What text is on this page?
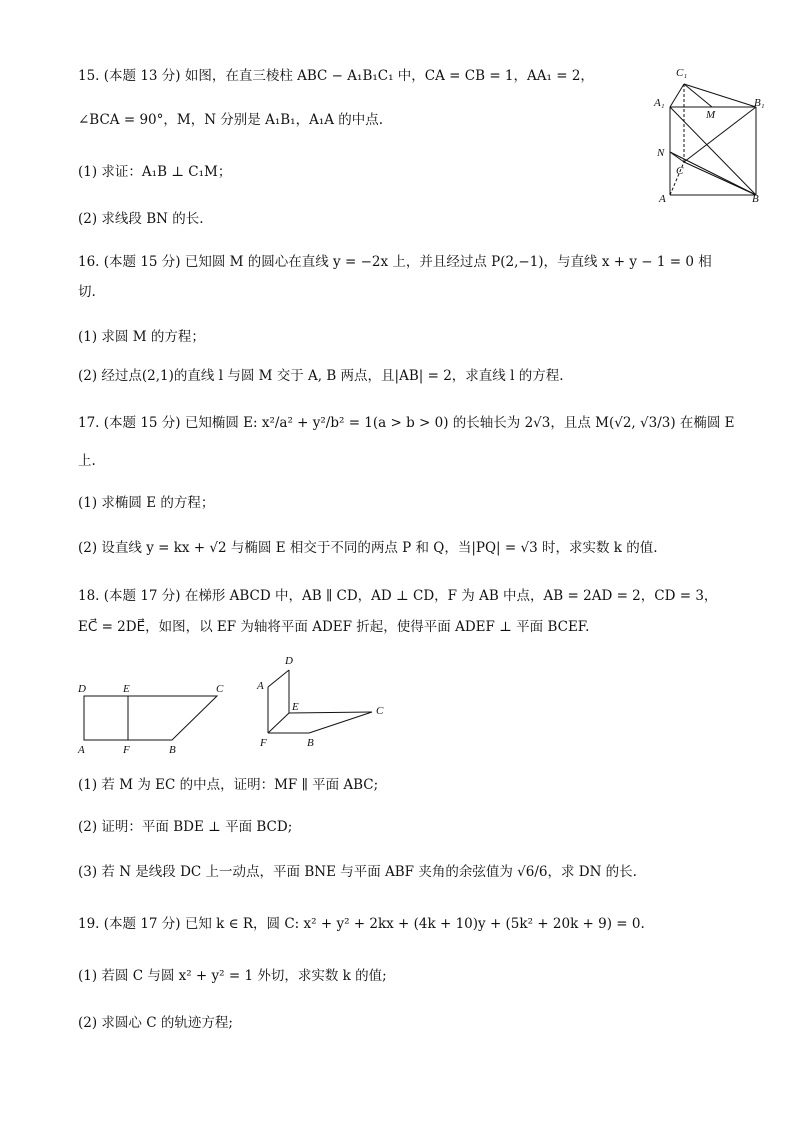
15. (本题 13 分) 如图，在直三棱柱 ABC − A₁B₁C₁ 中，CA = CB = 1，AA₁ = 2，
∠BCA = 90°，M，N 分别是 A₁B₁，A₁A 的中点.
(1) 求证：A₁B ⊥ C₁M；
(2) 求线段 BN 的长.
C₁
A₁
M
B₁
N
C
A	B
16. (本题 15 分) 已知圆 M 的圆心在直线 y = −2x 上，并且经过点 P(2,−1)，与直线 x + y − 1 = 0 相
切.
(1) 求圆 M 的方程；
(2) 经过点(2,1)的直线 l 与圆 M 交于 A, B 两点，且|AB| = 2，求直线 l 的方程.
17. (本题 15 分) 已知椭圆 E: x²/a² + y²/b² = 1(a > b > 0) 的长轴长为 2√3，且点 M(√2, √3/3) 在椭圆 E
上.
(1) 求椭圆 E 的方程；
(2) 设直线 y = kx + √2 与椭圆 E 相交于不同的两点 P 和 Q，当|PQ| = √3 时，求实数 k 的值.
18. (本题 17 分) 在梯形 ABCD 中，AB ∥ CD，AD ⊥ CD，F 为 AB 中点，AB = 2AD = 2，CD = 3，
EC⃗ = 2DE⃗，如图，以 EF 为轴将平面 ADEF 折起，使得平面 ADEF ⊥ 平面 BCEF.
D	E	C
A	F	B
D
A
E	C
F	B
(1) 若 M 为 EC 的中点，证明：MF ∥ 平面 ABC;
(2) 证明：平面 BDE ⊥ 平面 BCD;
(3) 若 N 是线段 DC 上一动点，平面 BNE 与平面 ABF 夹角的余弦值为 √6/6，求 DN 的长.
19. (本题 17 分) 已知 k ∈ R，圆 C: x² + y² + 2kx + (4k + 10)y + (5k² + 20k + 9) = 0.
(1) 若圆 C 与圆 x² + y² = 1 外切，求实数 k 的值;
(2) 求圆心 C 的轨迹方程;
